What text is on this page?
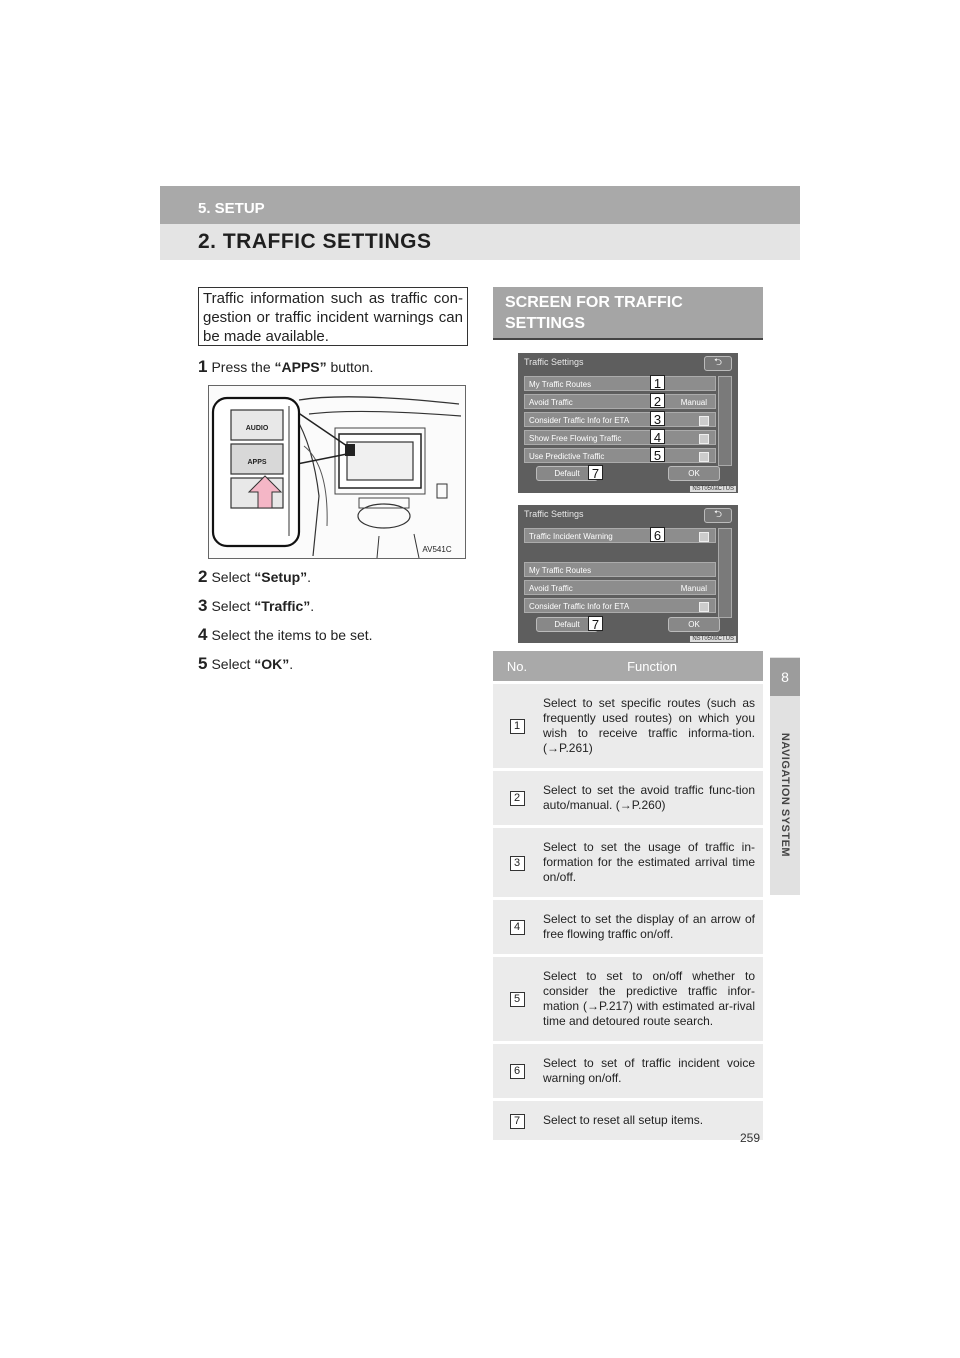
5. SETUP
2. TRAFFIC SETTINGS
8
NAVIGATION SYSTEM
Traffic information such as traffic con-gestion or traffic incident warnings can be made available.
1 Press the “APPS” button.
AUDIO
APPS
AV541C
2 Select “Setup”.
3 Select “Traffic”.
4 Select the items to be set.
5 Select “OK”.
SCREEN FOR TRAFFIC SETTINGS
Traffic Settings	⮌
My Traffic Routes
Avoid Traffic	Manual
Consider Traffic Info for ETA
Show Free Flowing Traffic
Use Predictive Traffic
Default	OK
NST050aCTUS
1
2
3
4
5
7
Traffic Settings	⮌
Traffic Incident Warning
My Traffic Routes
Avoid Traffic	Manual
Consider Traffic Info for ETA
Default	OK
NST050bCTUS
6
7
No.	Function
1	Select to set specific routes (such as frequently used routes) on which you wish to receive traffic informa-tion. (→P.261)
2	Select to set the avoid traffic func-tion auto/manual. (→P.260)
3	Select to set the usage of traffic in-formation for the estimated arrival time on/off.
4	Select to set the display of an arrow of free flowing traffic on/off.
5	Select to set to on/off whether to consider the predictive traffic infor-mation (→P.217) with estimated ar-rival time and detoured route search.
6	Select to set of traffic incident voice warning on/off.
7	Select to reset all setup items.
259
